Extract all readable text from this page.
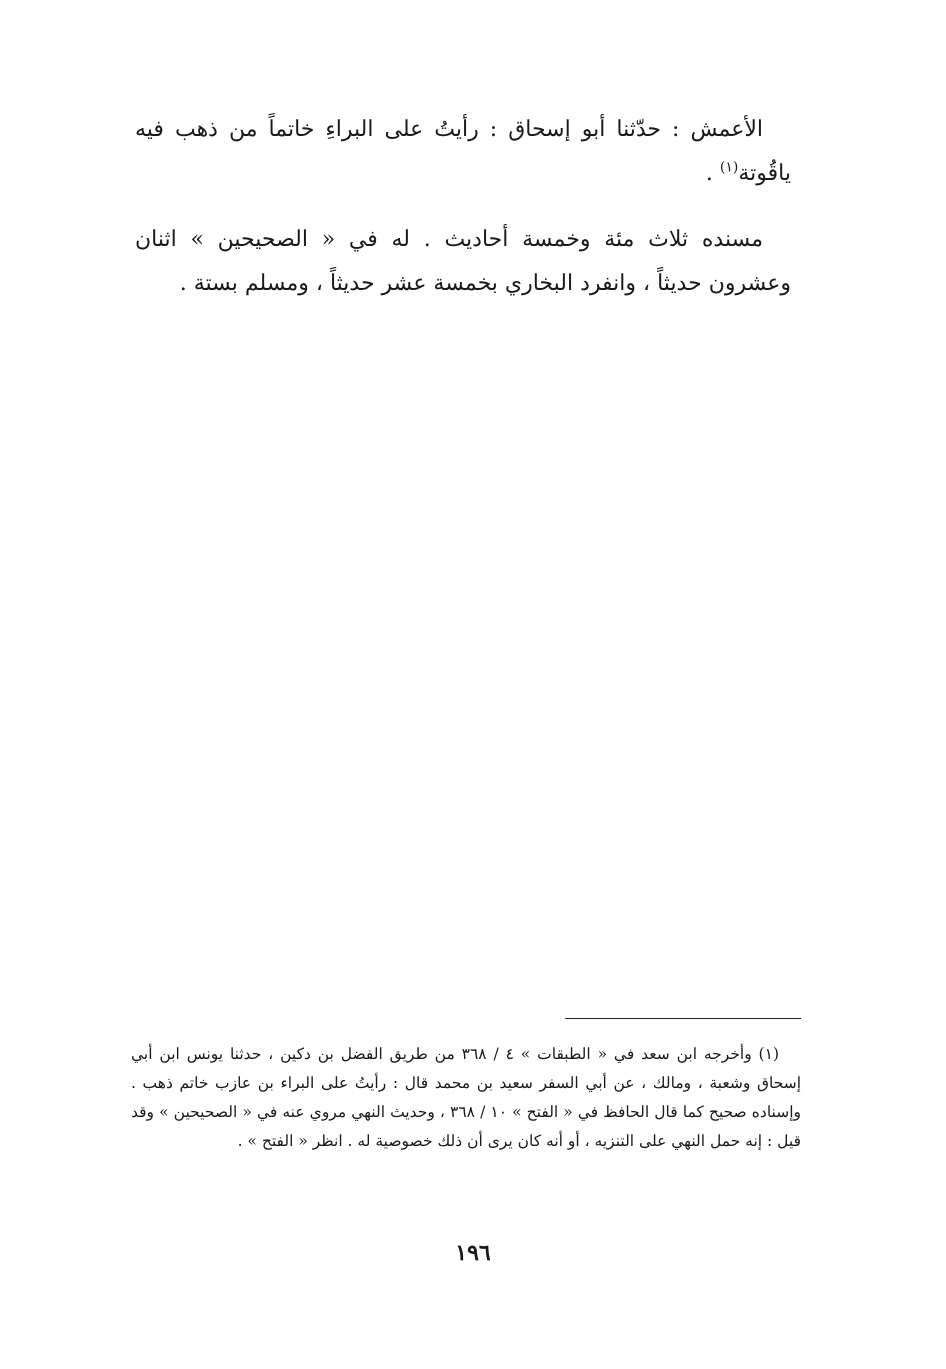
الأعمش : حدّثنا أبو إسحاق : رأيتُ على البراءِ خاتماً من ذهب فيه ياقُوتة$^{(١)}$ .

مسنده ثلاث مئة وخمسة أحاديث . له في « الصحيحين » اثنان وعشرون حديثاً ، وانفرد البخاري بخمسة عشر حديثاً ، ومسلم بستة .

(١) وأخرجه ابن سعد في « الطبقات » ٤ / ٣٦٨ من طريق الفضل بن دكين ، حدثنا يونس ابن أبي إسحاق وشعبة ، ومالك ، عن أبي السفر سعيد بن محمد قال : رأيتُ على البراء بن عازب خاتم ذهب . وإسناده صحيح كما قال الحافظ في « الفتح » ١٠ / ٣٦٨ ، وحديث النهي مروي عنه في « الصحيحين » وقد قيل : إنه حمل النهي على التنزيه ، أو أنه كان يرى أن ذلك خصوصية له . انظر « الفتح » .

١٩٦
